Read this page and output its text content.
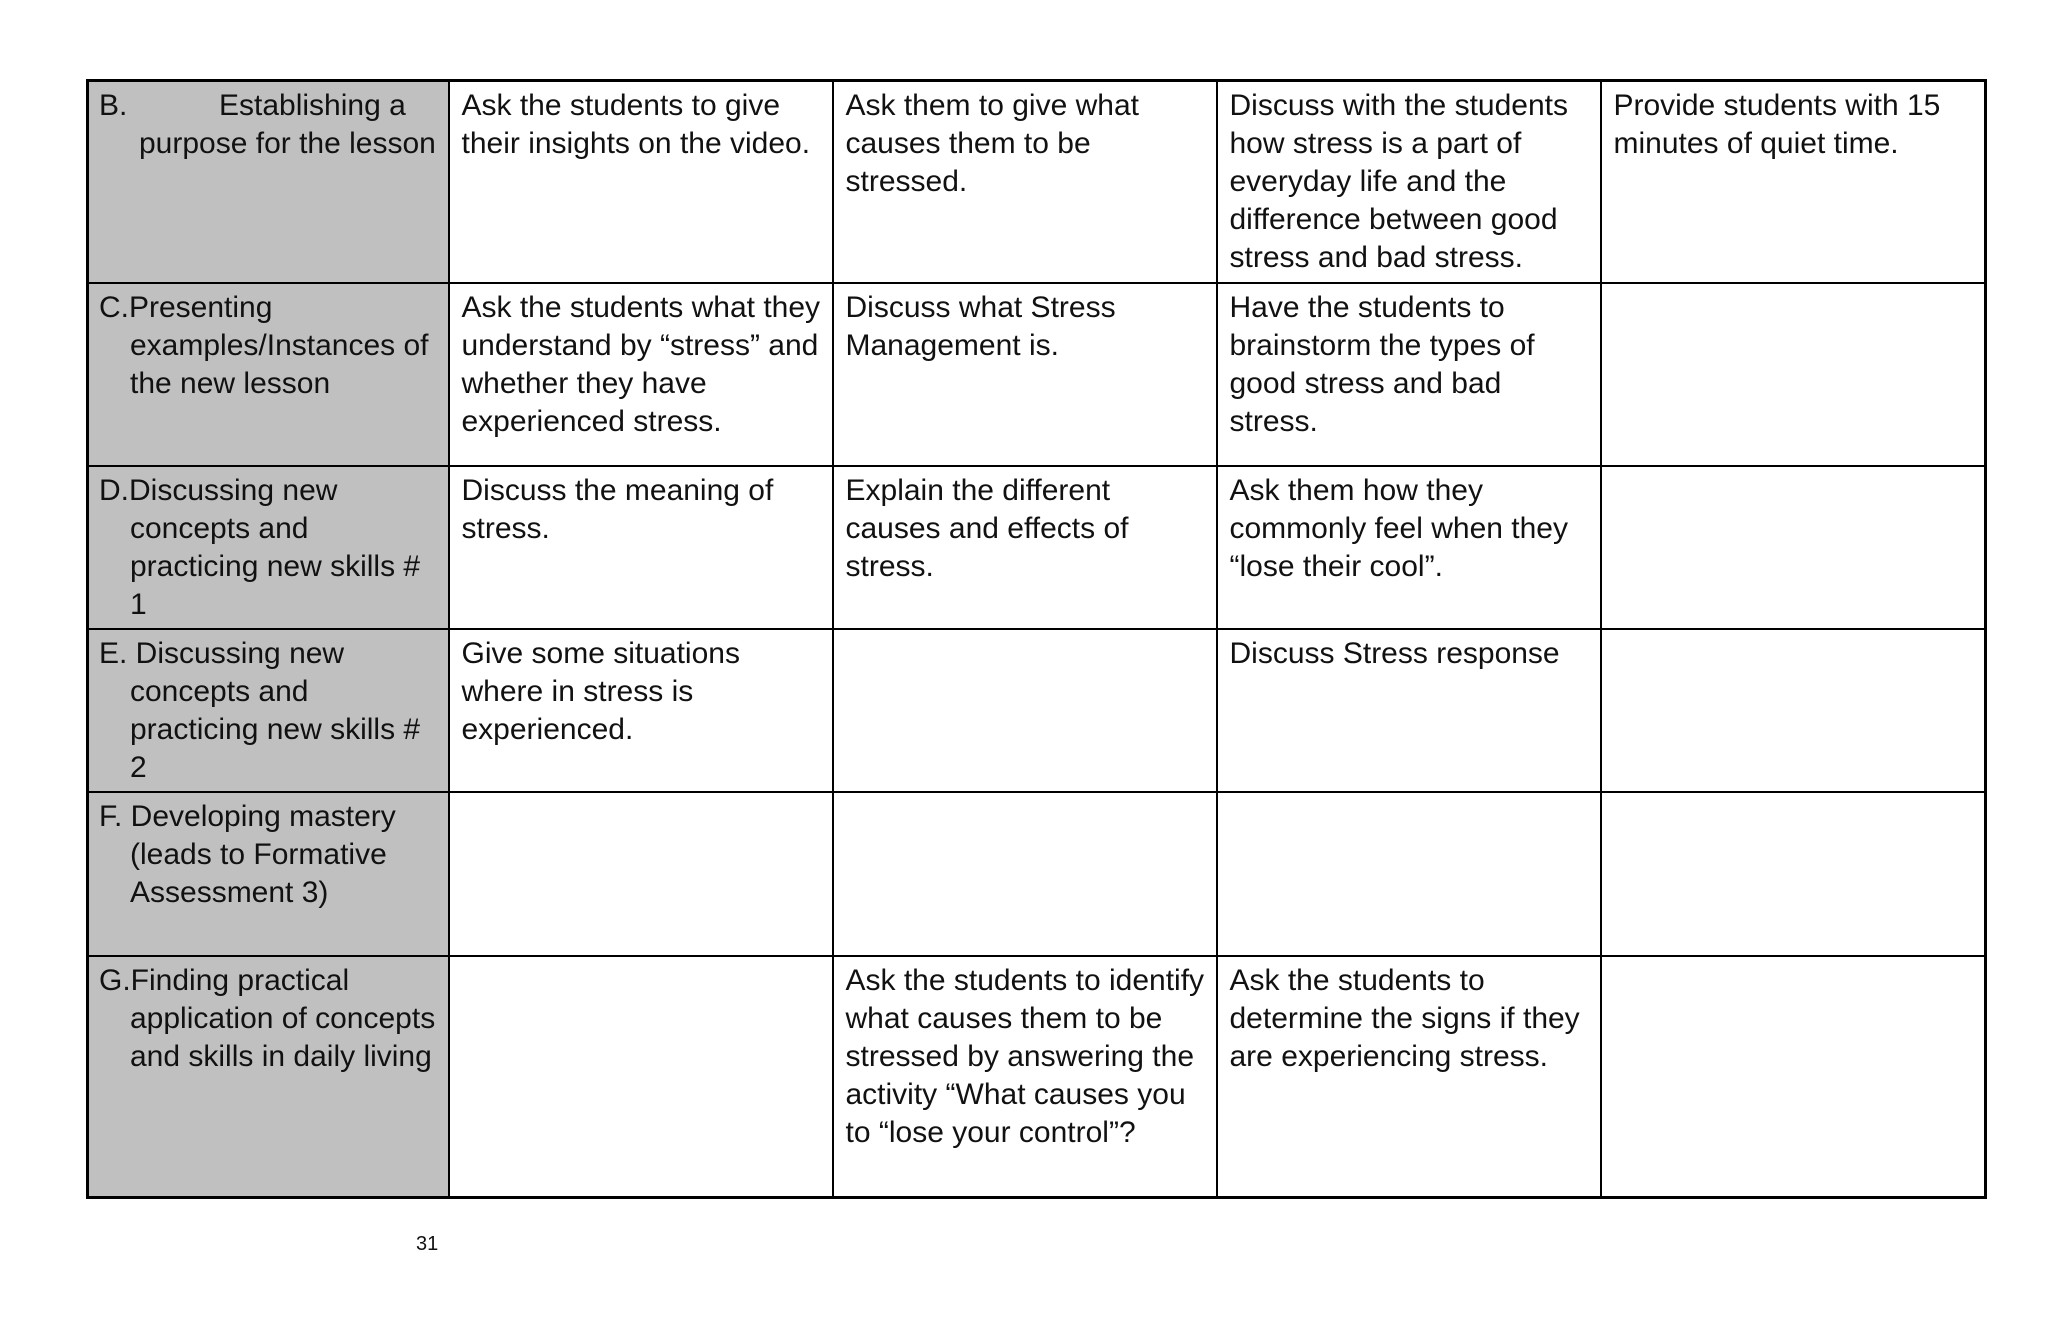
B. Establishing a purpose for the lesson	Ask the students to give their insights on the video.	Ask them to give what causes them to be stressed.	Discuss with the students how stress is a part of everyday life and the difference between good stress and bad stress.	Provide students with 15 minutes of quiet time.

C.Presenting examples/Instances of the new lesson	Ask the students what they understand by “stress” and whether they have experienced stress.	Discuss what Stress Management is.	Have the students to brainstorm the types of good stress and bad stress.	

D.Discussing new concepts and practicing new skills # 1	Discuss the meaning of stress.	Explain the different causes and effects of stress.	Ask them how they commonly feel when they “lose their cool”.	

E. Discussing new concepts and practicing new skills # 2	Give some situations where in stress is experienced.		Discuss Stress response	

F. Developing mastery (leads to Formative Assessment 3)				

G.Finding practical application of concepts and skills in daily living		Ask the students to identify what causes them to be stressed by answering the activity “What causes you to “lose your control”?	Ask the students to determine the signs if they are experiencing stress.	
31
